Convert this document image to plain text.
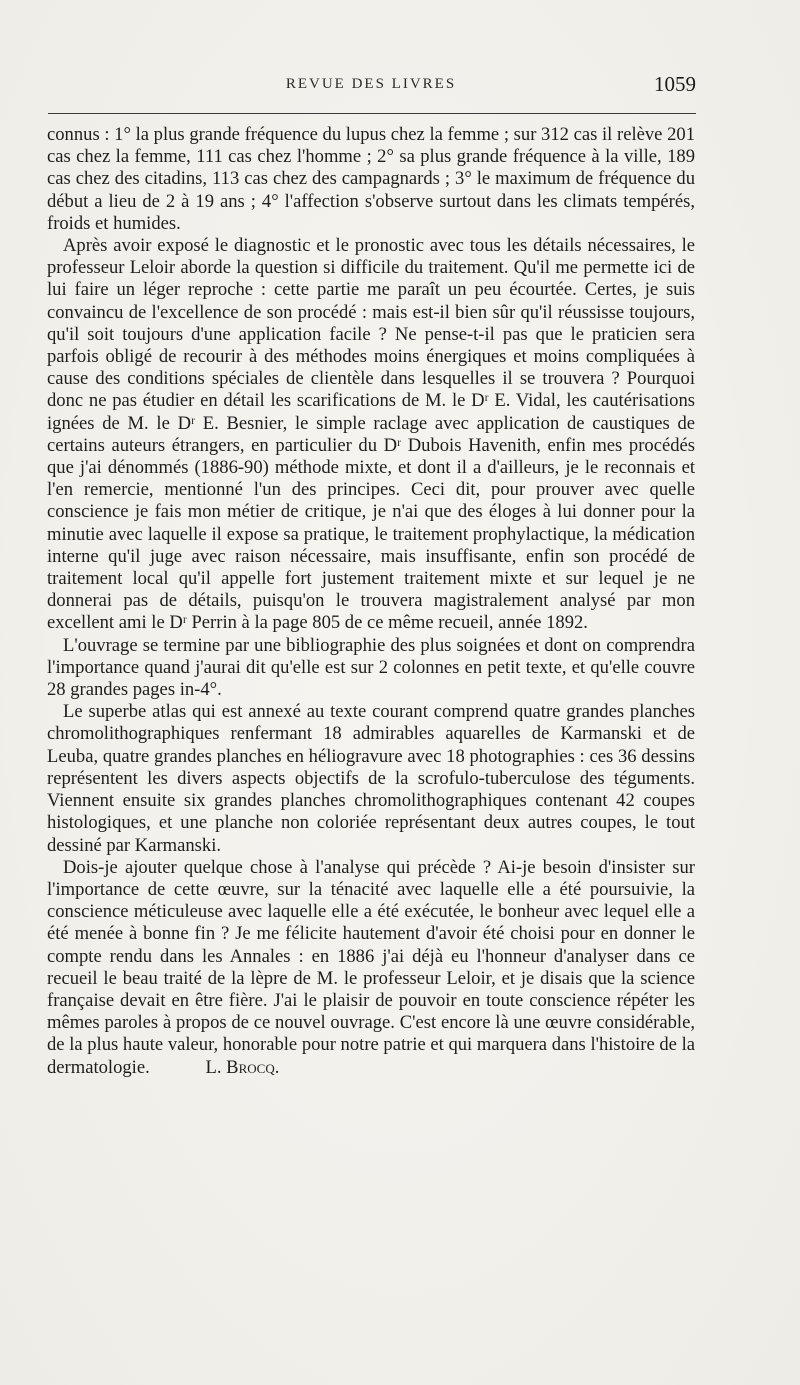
REVUE DES LIVRES	1059

connus : 1° la plus grande fréquence du lupus chez la femme ; sur 312 cas il relève 201 cas chez la femme, 111 cas chez l'homme ; 2° sa plus grande fréquence à la ville, 189 cas chez des citadins, 113 cas chez des campagnards ; 3° le maximum de fréquence du début a lieu de 2 à 19 ans ; 4° l'affection s'observe surtout dans les climats tempérés, froids et humides.

Après avoir exposé le diagnostic et le pronostic avec tous les détails nécessaires, le professeur Leloir aborde la question si difficile du traitement. Qu'il me permette ici de lui faire un léger reproche : cette partie me paraît un peu écourtée. Certes, je suis convaincu de l'excellence de son procédé : mais est-il bien sûr qu'il réussisse toujours, qu'il soit toujours d'une application facile ? Ne pense-t-il pas que le praticien sera parfois obligé de recourir à des méthodes moins énergiques et moins compliquées à cause des conditions spéciales de clientèle dans lesquelles il se trouvera ? Pourquoi donc ne pas étudier en détail les scarifications de M. le Dʳ E. Vidal, les cautérisations ignées de M. le Dʳ E. Besnier, le simple raclage avec application de caustiques de certains auteurs étrangers, en particulier du Dʳ Dubois Havenith, enfin mes procédés que j'ai dénommés (1886-90) méthode mixte, et dont il a d'ailleurs, je le reconnais et l'en remercie, mentionné l'un des principes. Ceci dit, pour prouver avec quelle conscience je fais mon métier de critique, je n'ai que des éloges à lui donner pour la minutie avec laquelle il expose sa pratique, le traitement prophylactique, la médication interne qu'il juge avec raison nécessaire, mais insuffisante, enfin son procédé de traitement local qu'il appelle fort justement traitement mixte et sur lequel je ne donnerai pas de détails, puisqu'on le trouvera magistralement analysé par mon excellent ami le Dʳ Perrin à la page 805 de ce même recueil, année 1892.

L'ouvrage se termine par une bibliographie des plus soignées et dont on comprendra l'importance quand j'aurai dit qu'elle est sur 2 colonnes en petit texte, et qu'elle couvre 28 grandes pages in-4°.

Le superbe atlas qui est annexé au texte courant comprend quatre grandes planches chromolithographiques renfermant 18 admirables aquarelles de Karmanski et de Leuba, quatre grandes planches en héliogravure avec 18 photographies : ces 36 dessins représentent les divers aspects objectifs de la scrofulo-tuberculose des téguments. Viennent ensuite six grandes planches chromolithographiques contenant 42 coupes histologiques, et une planche non coloriée représentant deux autres coupes, le tout dessiné par Karmanski.

Dois-je ajouter quelque chose à l'analyse qui précède ? Ai-je besoin d'insister sur l'importance de cette œuvre, sur la ténacité avec laquelle elle a été poursuivie, la conscience méticuleuse avec laquelle elle a été exécutée, le bonheur avec lequel elle a été menée à bonne fin ? Je me félicite hautement d'avoir été choisi pour en donner le compte rendu dans les Annales : en 1886 j'ai déjà eu l'honneur d'analyser dans ce recueil le beau traité de la lèpre de M. le professeur Leloir, et je disais que la science française devait en être fière. J'ai le plaisir de pouvoir en toute conscience répéter les mêmes paroles à propos de ce nouvel ouvrage. C'est encore là une œuvre considérable, de la plus haute valeur, honorable pour notre patrie et qui marquera dans l'histoire de la dermatologie.   	L. Brocq.
